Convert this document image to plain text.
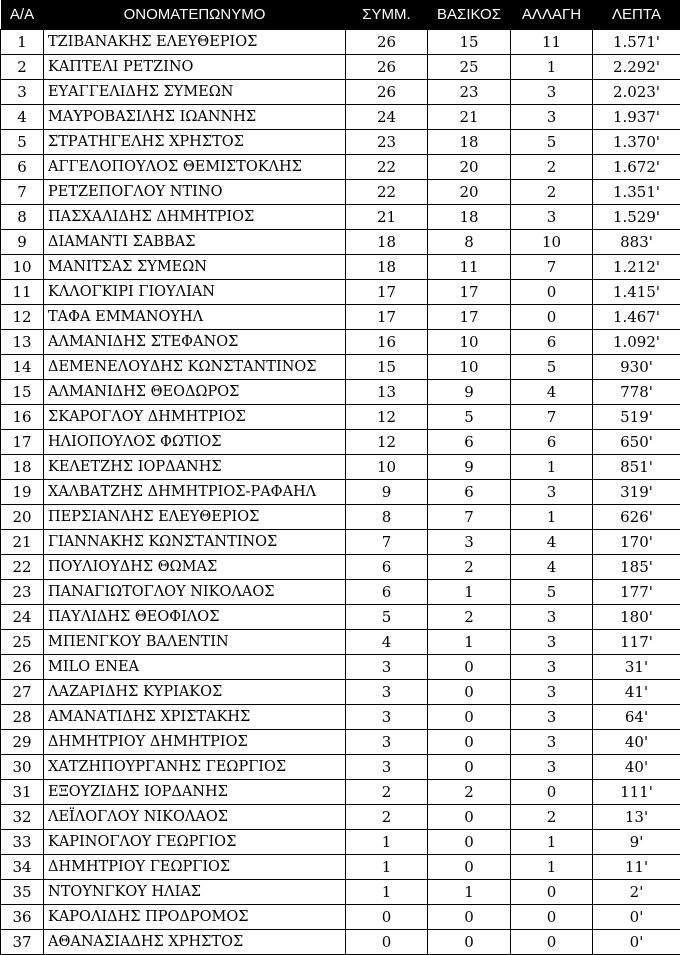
Α/Α	ΟΝΟΜΑΤΕΠΩΝΥΜΟ	ΣΥΜΜ.	ΒΑΣΙΚΟΣ	ΑΛΛΑΓΗ	ΛΕΠΤΑ
1	ΤΖΙΒΑΝΑΚΗΣ ΕΛΕΥΘΕΡΙΟΣ	26	15	11	1.571'
2	ΚΑΠΤΕΛΙ ΡΕΤΖΙΝΟ	26	25	1	2.292'
3	ΕΥΑΓΓΕΛΙΔΗΣ ΣΥΜΕΩΝ	26	23	3	2.023'
4	ΜΑΥΡΟΒΑΣΙΛΗΣ ΙΩΑΝΝΗΣ	24	21	3	1.937'
5	ΣΤΡΑΤΗΓΕΛΗΣ ΧΡΗΣΤΟΣ	23	18	5	1.370'
6	ΑΓΓΕΛΟΠΟΥΛΟΣ ΘΕΜΙΣΤΟΚΛΗΣ	22	20	2	1.672'
7	ΡΕΤΖΕΠΟΓΛΟΥ ΝΤΙΝΟ	22	20	2	1.351'
8	ΠΑΣΧΑΛΙΔΗΣ ΔΗΜΗΤΡΙΟΣ	21	18	3	1.529'
9	ΔΙΑΜΑΝΤΙ ΣΑΒΒΑΣ	18	8	10	883'
10	ΜΑΝΙΤΣΑΣ ΣΥΜΕΩΝ	18	11	7	1.212'
11	ΚΛΛΟΓΚΙΡΙ ΓΙΟΥΛΙΑΝ	17	17	0	1.415'
12	ΤΑΦΑ ΕΜΜΑΝΟΥΗΛ	17	17	0	1.467'
13	ΑΛΜΑΝΙΔΗΣ ΣΤΕΦΑΝΟΣ	16	10	6	1.092'
14	ΔΕΜΕΝΕΛΟΥΔΗΣ ΚΩΝΣΤΑΝΤΙΝΟΣ	15	10	5	930'
15	ΑΛΜΑΝΙΔΗΣ ΘΕΟΔΩΡΟΣ	13	9	4	778'
16	ΣΚΑΡΟΓΛΟΥ ΔΗΜΗΤΡΙΟΣ	12	5	7	519'
17	ΗΛΙΟΠΟΥΛΟΣ ΦΩΤΙΟΣ	12	6	6	650'
18	ΚΕΛΕΤΖΗΣ ΙΟΡΔΑΝΗΣ	10	9	1	851'
19	ΧΑΛΒΑΤΖΗΣ ΔΗΜΗΤΡΙΟΣ-ΡΑΦΑΗΛ	9	6	3	319'
20	ΠΕΡΣΙΑΝΛΗΣ ΕΛΕΥΘΕΡΙΟΣ	8	7	1	626'
21	ΓΙΑΝΝΑΚΗΣ ΚΩΝΣΤΑΝΤΙΝΟΣ	7	3	4	170'
22	ΠΟΥΛΙΟΥΔΗΣ ΘΩΜΑΣ	6	2	4	185'
23	ΠΑΝΑΓΙΩΤΟΓΛΟΥ ΝΙΚΟΛΑΟΣ	6	1	5	177'
24	ΠΑΥΛΙΔΗΣ ΘΕΟΦΙΛΟΣ	5	2	3	180'
25	ΜΠΕΝΓΚΟΥ ΒΑΛΕΝΤΙΝ	4	1	3	117'
26	MILO ENEA	3	0	3	31'
27	ΛΑΖΑΡΙΔΗΣ ΚΥΡΙΑΚΟΣ	3	0	3	41'
28	ΑΜΑΝΑΤΙΔΗΣ ΧΡΙΣΤΑΚΗΣ	3	0	3	64'
29	ΔΗΜΗΤΡΙΟΥ ΔΗΜΗΤΡΙΟΣ	3	0	3	40'
30	ΧΑΤΖΗΠΟΥΡΓΑΝΗΣ ΓΕΩΡΓΙΟΣ	3	0	3	40'
31	ΕΞΟΥΖΙΔΗΣ ΙΟΡΔΑΝΗΣ	2	2	0	111'
32	ΛΕΪΛΟΓΛΟΥ ΝΙΚΟΛΑΟΣ	2	0	2	13'
33	ΚΑΡΙΝΟΓΛΟΥ ΓΕΩΡΓΙΟΣ	1	0	1	9'
34	ΔΗΜΗΤΡΙΟΥ ΓΕΩΡΓΙΟΣ	1	0	1	11'
35	ΝΤΟΥΝΓΚΟΥ ΗΛΙΑΣ	1	1	0	2'
36	ΚΑΡΟΛΙΔΗΣ ΠΡΟΔΡΟΜΟΣ	0	0	0	0'
37	ΑΘΑΝΑΣΙΑΔΗΣ ΧΡΗΣΤΟΣ	0	0	0	0'
